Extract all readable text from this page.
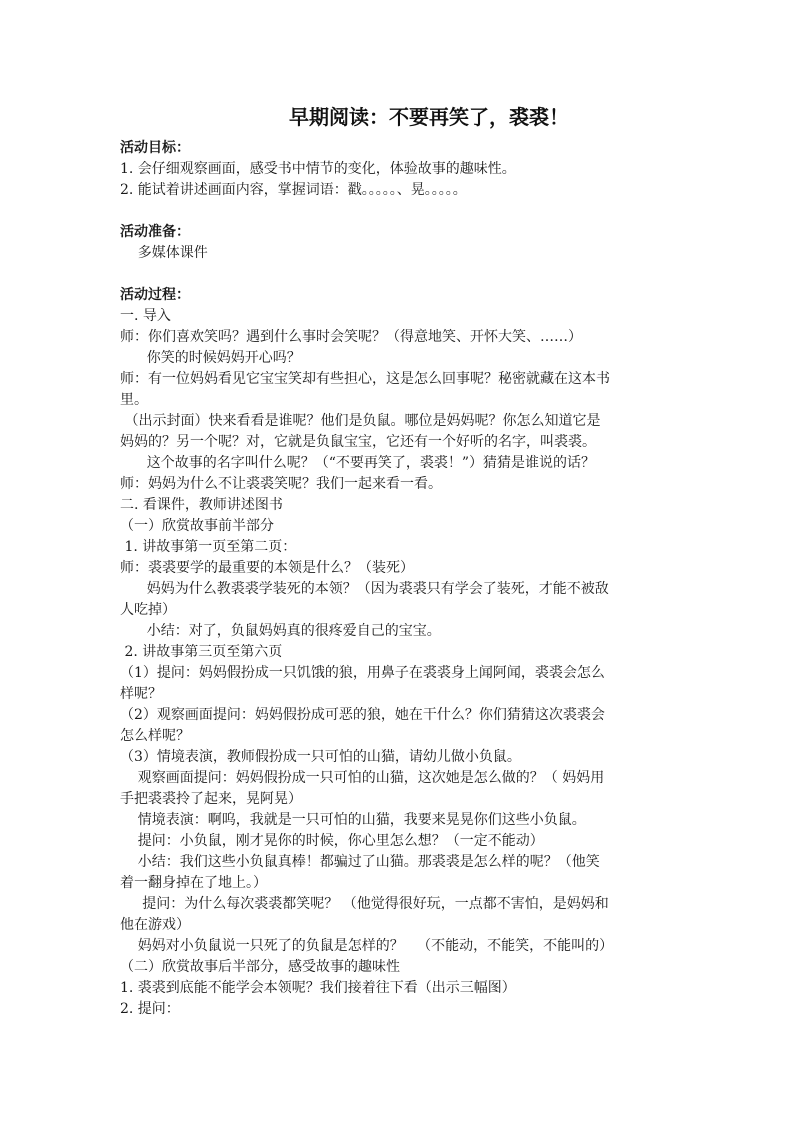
早期阅读：不要再笑了，裘裘！
活动目标：
1. 会仔细观察画面，感受书中情节的变化，体验故事的趣味性。
2. 能试着讲述画面内容，掌握词语：戳。。。。。、晃。。。。。
活动准备：
多媒体课件
活动过程：
一. 导入
师：你们喜欢笑吗？遇到什么事时会笑呢？（得意地笑、开怀大笑、……）
你笑的时候妈妈开心吗？
师：有一位妈妈看见它宝宝笑却有些担心，这是怎么回事呢？秘密就藏在这本书
里。
（出示封面）快来看看是谁呢？他们是负鼠。哪位是妈妈呢？你怎么知道它是
妈妈的？另一个呢？对，它就是负鼠宝宝，它还有一个好听的名字，叫裘裘。
这个故事的名字叫什么呢？（“不要再笑了，裘裘！”）猜猜是谁说的话？
师：妈妈为什么不让裘裘笑呢？我们一起来看一看。
二. 看课件，教师讲述图书
（一）欣赏故事前半部分
1. 讲故事第一页至第二页：
师：裘裘要学的最重要的本领是什么？（装死）
妈妈为什么教裘裘学装死的本领？（因为裘裘只有学会了装死，才能不被敌
人吃掉）
小结：对了，负鼠妈妈真的很疼爱自己的宝宝。
2. 讲故事第三页至第六页
（1）提问：妈妈假扮成一只饥饿的狼，用鼻子在裘裘身上闻阿闻，裘裘会怎么
样呢？
（2）观察画面提问：妈妈假扮成可恶的狼，她在干什么？你们猜猜这次裘裘会
怎么样呢？
（3）情境表演，教师假扮成一只可怕的山猫，请幼儿做小负鼠。
观察画面提问：妈妈假扮成一只可怕的山猫，这次她是怎么做的？（ 妈妈用
手把裘裘拎了起来，晃阿晃）
情境表演：啊呜，我就是一只可怕的山猫，我要来晃晃你们这些小负鼠。
提问：小负鼠，刚才晃你的时候，你心里怎么想？（一定不能动）
小结：我们这些小负鼠真棒！都骗过了山猫。那裘裘是怎么样的呢？（他笑
着一翻身掉在了地上。）
提问：为什么每次裘裘都笑呢？ （他觉得很好玩，一点都不害怕，是妈妈和
他在游戏）
妈妈对小负鼠说一只死了的负鼠是怎样的？   （不能动，不能笑，不能叫的）
（二）欣赏故事后半部分，感受故事的趣味性
1. 裘裘到底能不能学会本领呢？我们接着往下看（出示三幅图）
2. 提问：
